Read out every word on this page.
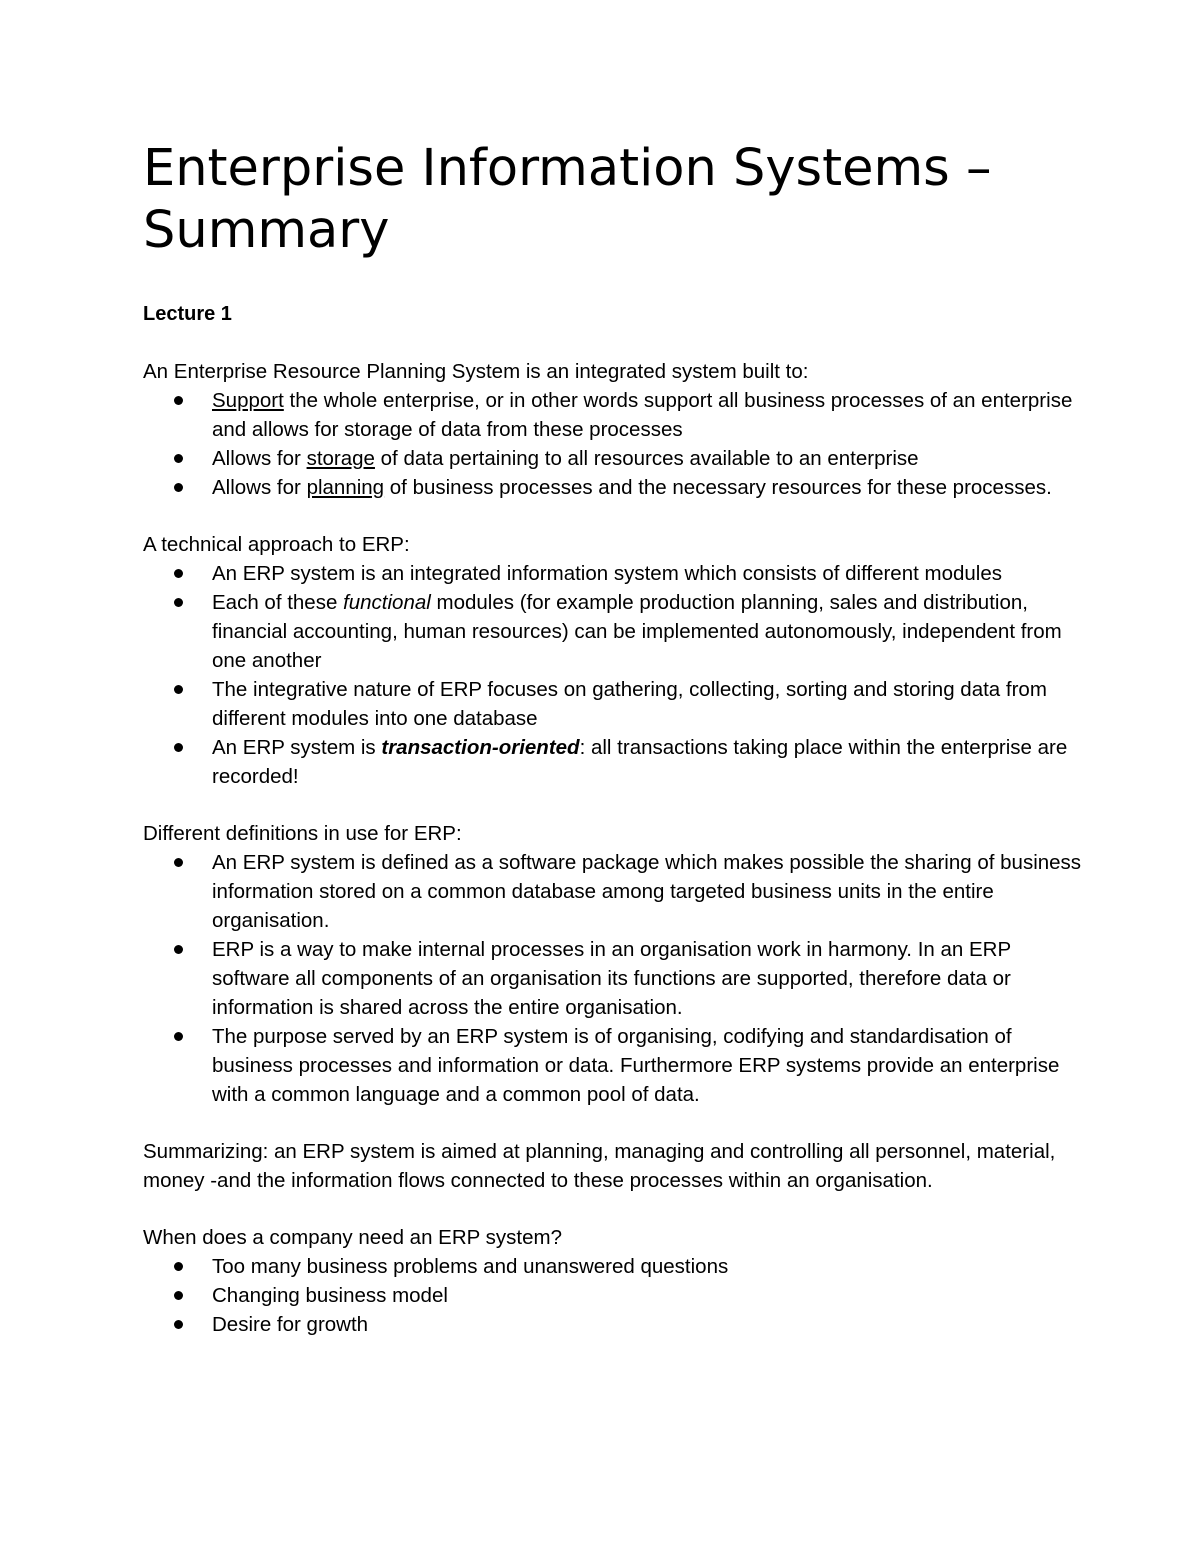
Enterprise Information Systems – Summary
Lecture 1

An Enterprise Resource Planning System is an integrated system built to:

Support the whole enterprise, or in other words support all business processes of an enterprise and allows for storage of data from these processes
Allows for storage of data pertaining to all resources available to an enterprise
Allows for planning of business processes and the necessary resources for these processes.

A technical approach to ERP:

An ERP system is an integrated information system which consists of different modules
Each of these functional modules (for example production planning, sales and distribution, financial accounting, human resources) can be implemented autonomously, independent from one another
The integrative nature of ERP focuses on gathering, collecting, sorting and storing data from different modules into one database
An ERP system is transaction-oriented: all transactions taking place within the enterprise are recorded!

Different definitions in use for ERP:

An ERP system is defined as a software package which makes possible the sharing of business information stored on a common database among targeted business units in the entire organisation.
ERP is a way to make internal processes in an organisation work in harmony. In an ERP software all components of an organisation its functions are supported, therefore data or information is shared across the entire organisation.
The purpose served by an ERP system is of organising, codifying and standardisation of business processes and information or data. Furthermore ERP systems provide an enterprise with a common language and a common pool of data.

Summarizing: an ERP system is aimed at planning, managing and controlling all personnel, material, money -and the information flows connected to these processes within an organisation.

When does a company need an ERP system?

Too many business problems and unanswered questions
Changing business model
Desire for growth
